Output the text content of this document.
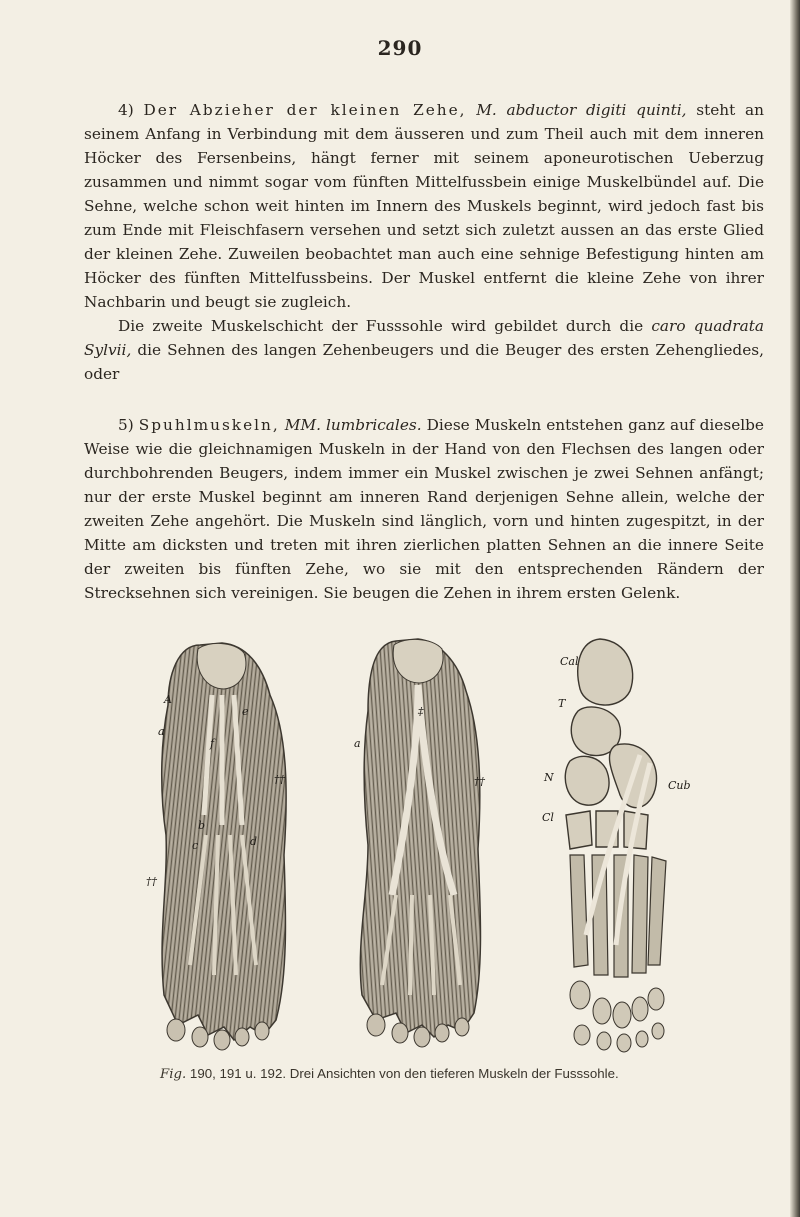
290
4) Der Abzieher der kleinen Zehe, M. abductor digiti quinti, steht an seinem Anfang in Verbindung mit dem äusseren und zum Theil auch mit dem inneren Höcker des Fersenbeins, hängt ferner mit seinem aponeurotischen Ueberzug zusammen und nimmt sogar vom fünften Mittelfussbein einige Muskelbündel auf. Die Sehne, welche schon weit hinten im Innern des Muskels beginnt, wird jedoch fast bis zum Ende mit Fleischfasern versehen und setzt sich zuletzt aussen an das erste Glied der kleinen Zehe. Zuweilen beobachtet man auch eine sehnige Befestigung hinten am Höcker des fünften Mittelfussbeins. Der Muskel entfernt die kleine Zehe von ihrer Nachbarin und beugt sie zugleich.
Die zweite Muskelschicht der Fusssohle wird gebildet durch die caro quadrata Sylvii, die Sehnen des langen Zehenbeugers und die Beuger des ersten Zehengliedes, oder
5) Spuhlmuskeln, MM. lumbricales. Diese Muskeln entstehen ganz auf dieselbe Weise wie die gleichnamigen Muskeln in der Hand von den Flechsen des langen oder durchbohrenden Beugers, indem immer ein Muskel zwischen je zwei Sehnen anfängt; nur der erste Muskel beginnt am inneren Rand derjenigen Sehne allein, welche der zweiten Zehe angehört. Die Muskeln sind länglich, vorn und hinten zugespitzt, in der Mitte am dicksten und treten mit ihren zierlichen platten Sehnen an die innere Seite der zweiten bis fünften Zehe, wo sie mit den entsprechenden Rändern der Strecksehnen sich vereinigen. Sie beugen die Zehen in ihrem ersten Gelenk.
A
a
f
e
b
c	d
††
††
a
‡
††
Cal
T
N
Cl
Cub
Fig. 190, 191 u. 192. Drei Ansichten von den tieferen Muskeln der Fusssohle.
